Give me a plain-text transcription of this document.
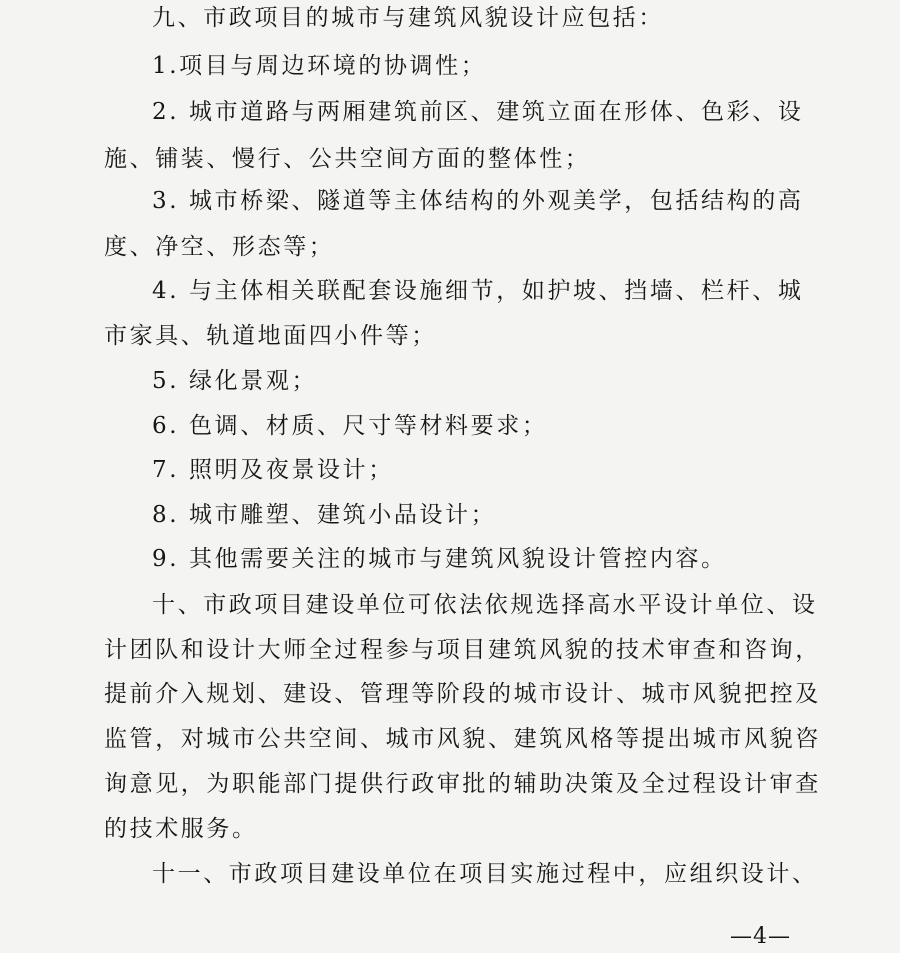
九、市政项目的城市与建筑风貌设计应包括：
1.项目与周边环境的协调性；
2. 城市道路与两厢建筑前区、建筑立面在形体、色彩、设
施、铺装、慢行、公共空间方面的整体性；
3. 城市桥梁、隧道等主体结构的外观美学，包括结构的高
度、净空、形态等；
4. 与主体相关联配套设施细节，如护坡、挡墙、栏杆、城
市家具、轨道地面四小件等；
5. 绿化景观；
6. 色调、材质、尺寸等材料要求；
7. 照明及夜景设计；
8. 城市雕塑、建筑小品设计；
9. 其他需要关注的城市与建筑风貌设计管控内容。
十、市政项目建设单位可依法依规选择高水平设计单位、设
计团队和设计大师全过程参与项目建筑风貌的技术审查和咨询，
提前介入规划、建设、管理等阶段的城市设计、城市风貌把控及
监管，对城市公共空间、城市风貌、建筑风格等提出城市风貌咨
询意见，为职能部门提供行政审批的辅助决策及全过程设计审查
的技术服务。
十一、市政项目建设单位在项目实施过程中，应组织设计、
—4—
